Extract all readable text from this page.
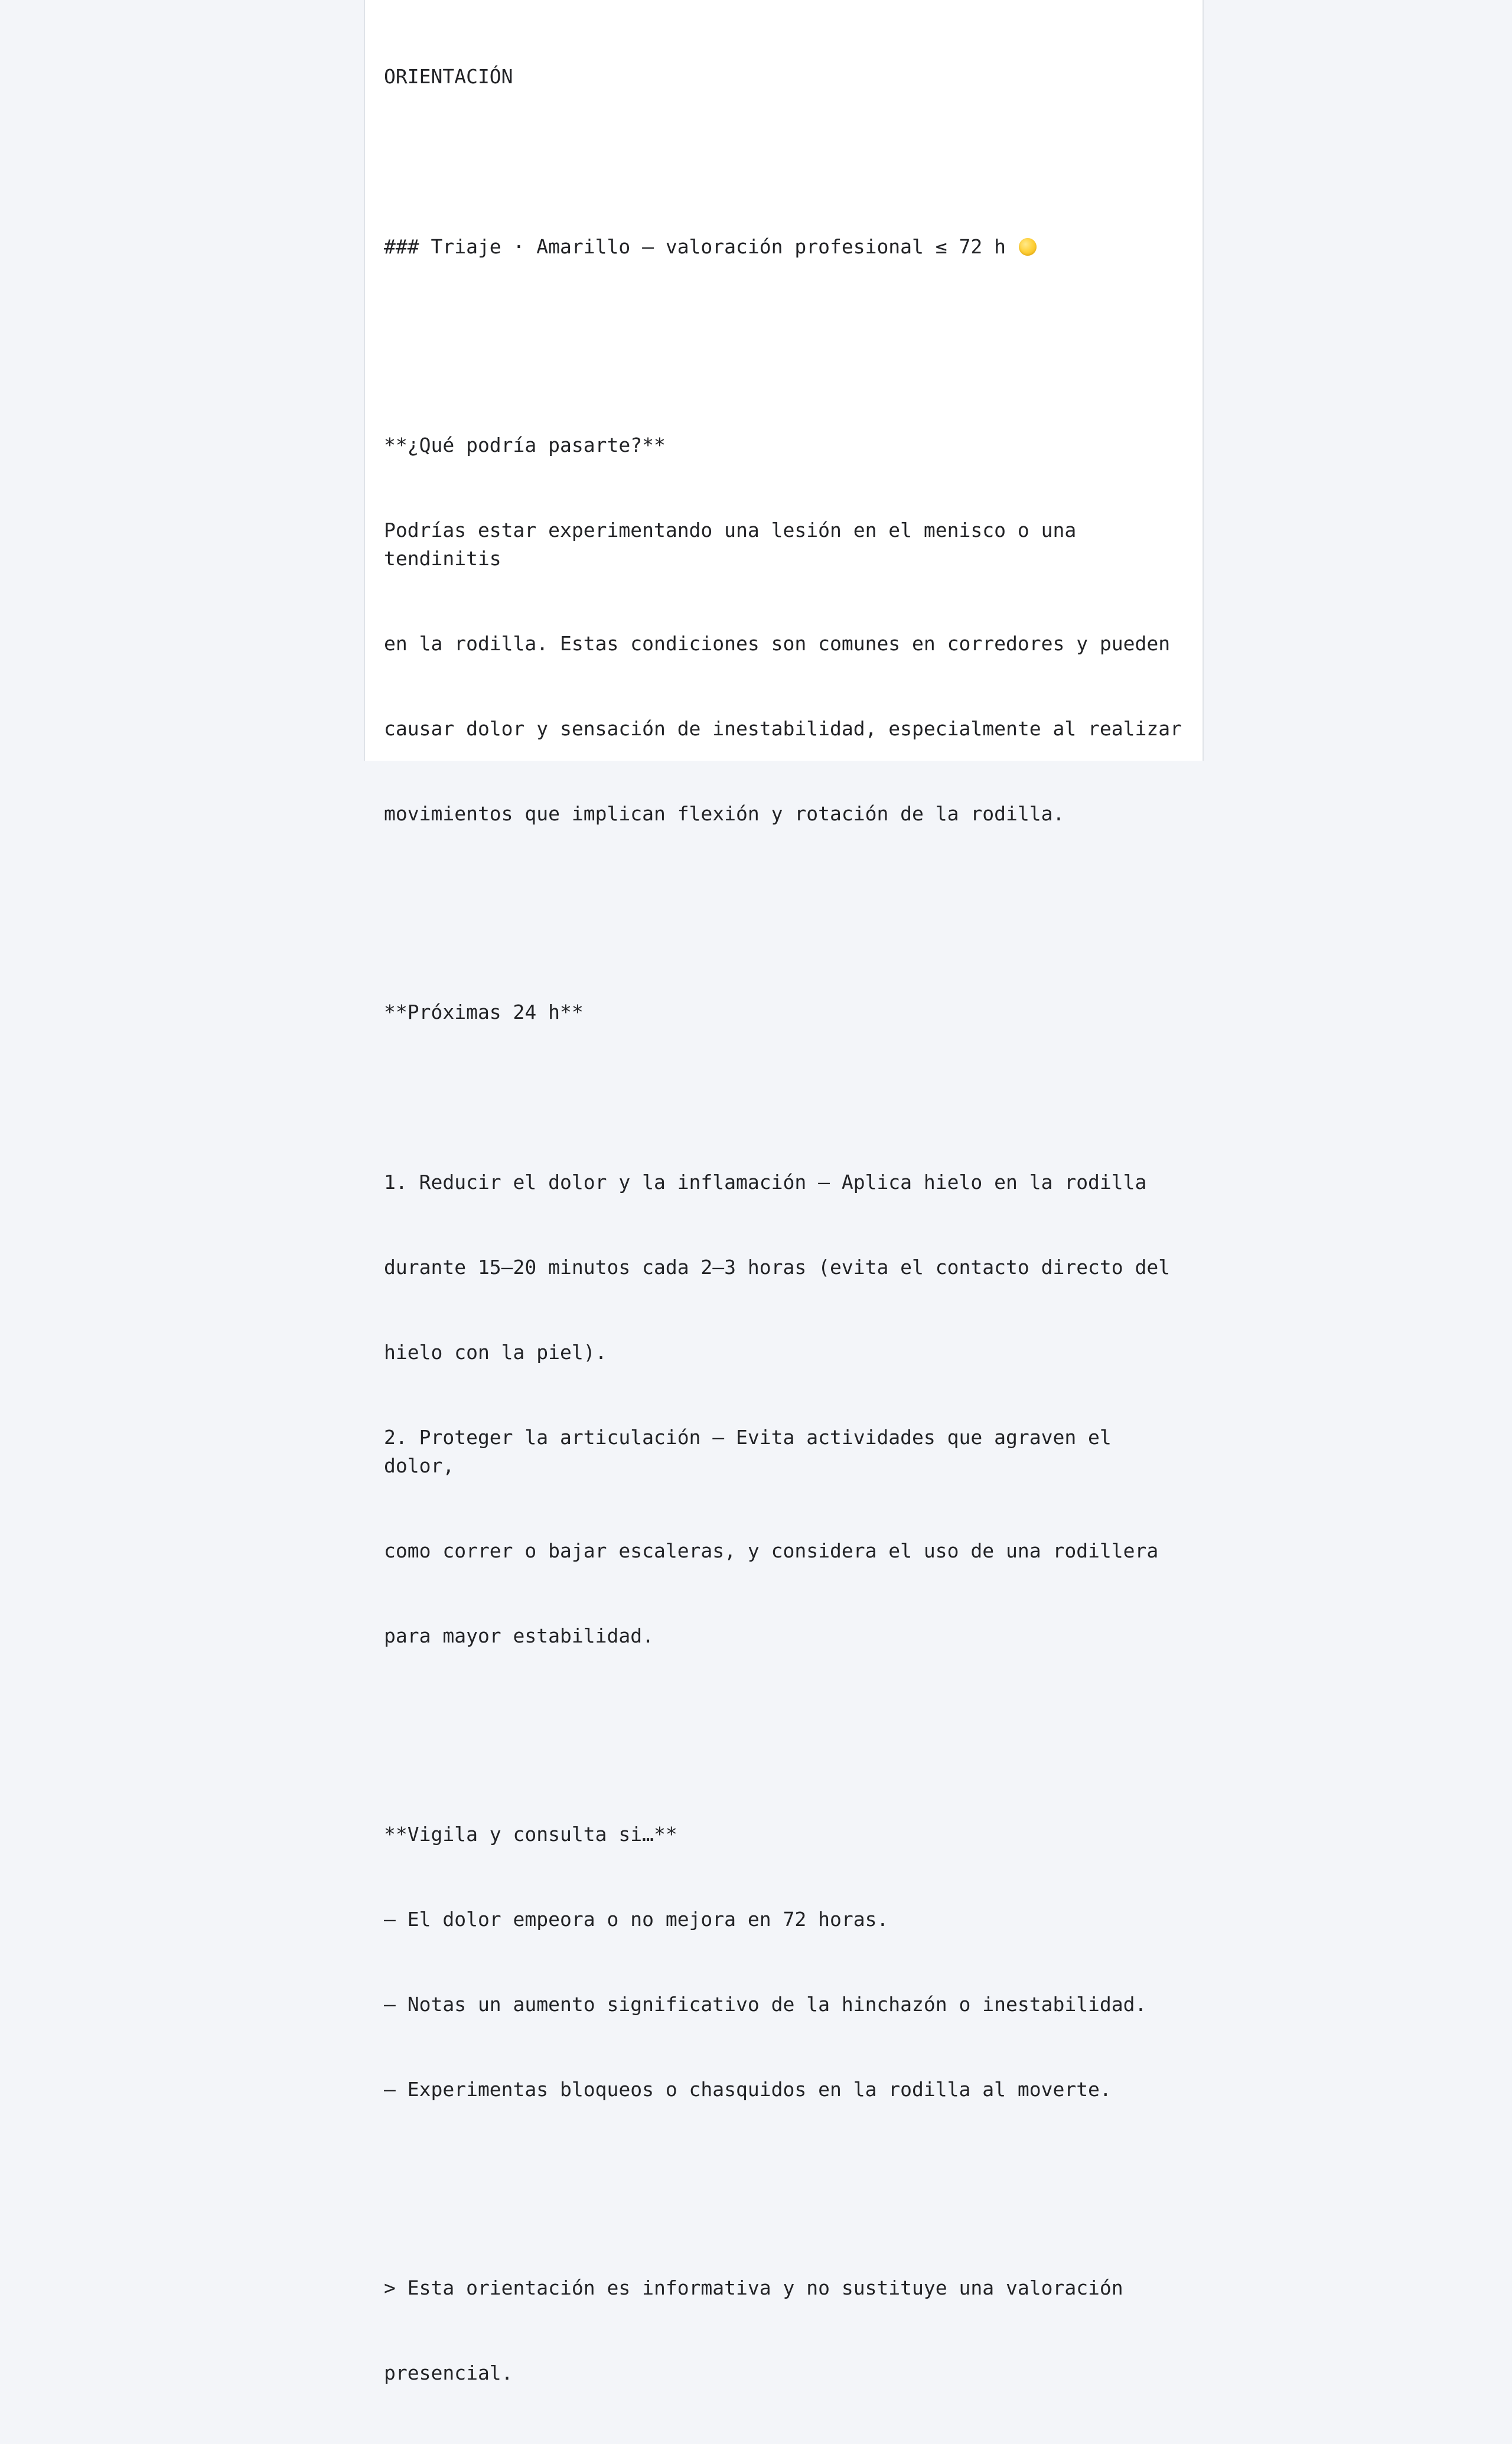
ORIENTACIÓN

### Triaje · Amarillo — valoración profesional ≤ 72 h

**¿Qué podría pasarte?**

Podrías estar experimentando una lesión en el menisco o una tendinitis

en la rodilla. Estas condiciones son comunes en corredores y pueden

causar dolor y sensación de inestabilidad, especialmente al realizar

movimientos que implican flexión y rotación de la rodilla.

**Próximas 24 h**

1. Reducir el dolor y la inflamación — Aplica hielo en la rodilla

durante 15–20 minutos cada 2–3 horas (evita el contacto directo del

hielo con la piel).

2. Proteger la articulación — Evita actividades que agraven el dolor,

como correr o bajar escaleras, y considera el uso de una rodillera

para mayor estabilidad.

**Vigila y consulta si…**

— El dolor empeora o no mejora en 72 horas.

— Notas un aumento significativo de la hinchazón o inestabilidad.

— Experimentas bloqueos o chasquidos en la rodilla al moverte.

> Esta orientación es informativa y no sustituye una valoración

presencial.
